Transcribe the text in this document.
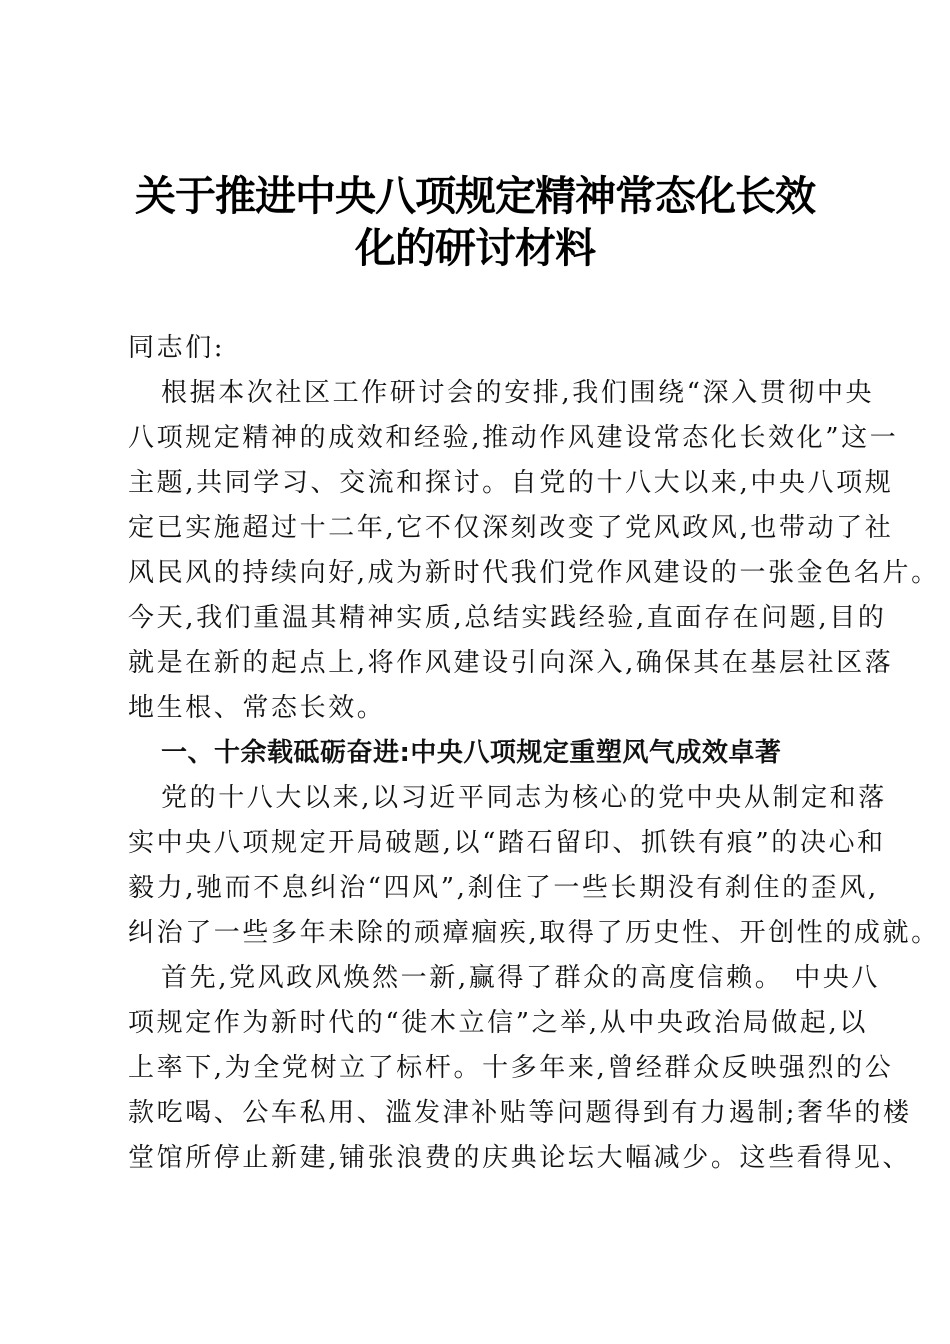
关于推进中央八项规定精神常态化长效
化的研讨材料
同志们:
根据本次社区工作研讨会的安排,我们围绕“深入贯彻中央
八项规定精神的成效和经验,推动作风建设常态化长效化”这一
主题,共同学习、交流和探讨。自党的十八大以来,中央八项规
定已实施超过十二年,它不仅深刻改变了党风政风,也带动了社
风民风的持续向好,成为新时代我们党作风建设的一张金色名片。
今天,我们重温其精神实质,总结实践经验,直面存在问题,目的
就是在新的起点上,将作风建设引向深入,确保其在基层社区落
地生根、常态长效。
一、十余载砥砺奋进:中央八项规定重塑风气成效卓著
党的十八大以来,以习近平同志为核心的党中央从制定和落
实中央八项规定开局破题,以“踏石留印、抓铁有痕”的决心和
毅力,驰而不息纠治“四风”,刹住了一些长期没有刹住的歪风,
纠治了一些多年未除的顽瘴痼疾,取得了历史性、开创性的成就。
首先,党风政风焕然一新,赢得了群众的高度信赖。 中央八
项规定作为新时代的“徙木立信”之举,从中央政治局做起,以
上率下,为全党树立了标杆。十多年来,曾经群众反映强烈的公
款吃喝、公车私用、滥发津补贴等问题得到有力遏制;奢华的楼
堂馆所停止新建,铺张浪费的庆典论坛大幅减少。这些看得见、
